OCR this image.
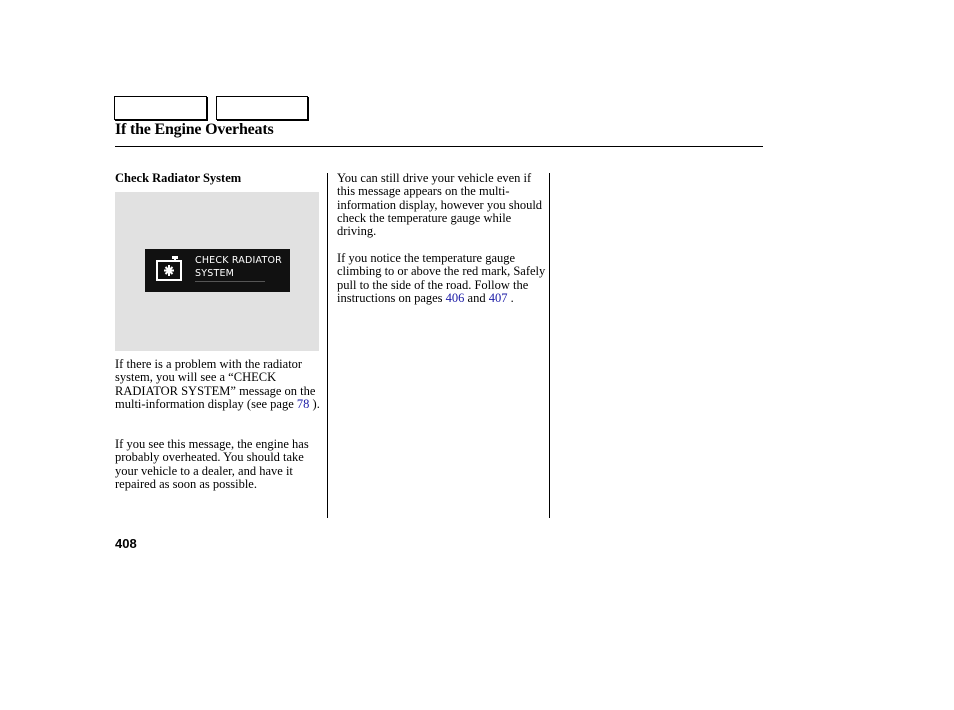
If the Engine Overheats
Check Radiator System
CHECK RADIATOR
SYSTEM

If there is a problem with the radiator system, you will see a “CHECK RADIATOR SYSTEM” message on the multi-information display (see page 78 ).

If you see this message, the engine has probably overheated. You should take your vehicle to a dealer, and have it repaired as soon as possible.

You can still drive your vehicle even if this message appears on the multi-information display, however you should check the temperature gauge while driving.

If you notice the temperature gauge climbing to or above the red mark, Safely pull to the side of the road. Follow the instructions on pages 406 and 407 .

408
